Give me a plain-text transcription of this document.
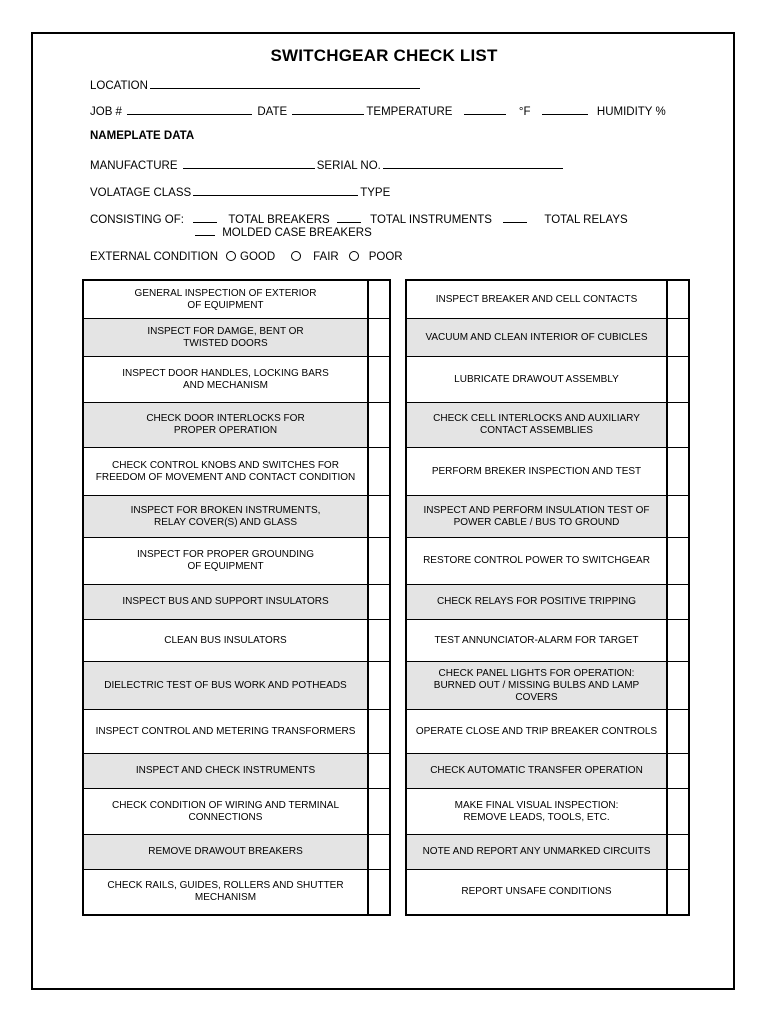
SWITCHGEAR CHECK LIST
LOCATION
JOB #	DATE	TEMPERATURE	°F	HUMIDITY %
NAMEPLATE DATA
MANUFACTURE	SERIAL NO.
VOLATAGE CLASS	TYPE
CONSISTING OF:	TOTAL BREAKERS	TOTAL INSTRUMENTS	TOTAL RELAYS
MOLDED CASE BREAKERS
EXTERNAL CONDITION GOOD	FAIR	POOR
GENERAL INSPECTION OF EXTERIOR
OF EQUIPMENT
INSPECT FOR DAMGE, BENT OR
TWISTED DOORS
INSPECT DOOR HANDLES, LOCKING BARS
AND MECHANISM
CHECK DOOR INTERLOCKS FOR
PROPER OPERATION
CHECK CONTROL KNOBS AND SWITCHES FOR
FREEDOM OF MOVEMENT AND CONTACT CONDITION
INSPECT FOR BROKEN INSTRUMENTS,
RELAY COVER(S) AND GLASS
INSPECT FOR PROPER GROUNDING
OF EQUIPMENT
INSPECT BUS AND SUPPORT INSULATORS
CLEAN BUS INSULATORS
DIELECTRIC TEST OF BUS WORK AND POTHEADS
INSPECT CONTROL AND METERING TRANSFORMERS
INSPECT AND CHECK INSTRUMENTS
CHECK CONDITION OF WIRING AND TERMINAL
CONNECTIONS
REMOVE DRAWOUT BREAKERS
CHECK RAILS, GUIDES, ROLLERS AND SHUTTER
MECHANISM
INSPECT BREAKER AND CELL CONTACTS
VACUUM AND CLEAN INTERIOR OF CUBICLES
LUBRICATE DRAWOUT ASSEMBLY
CHECK CELL INTERLOCKS AND AUXILIARY
CONTACT ASSEMBLIES
PERFORM BREKER INSPECTION AND TEST
INSPECT AND PERFORM INSULATION TEST OF
POWER CABLE / BUS TO GROUND
RESTORE CONTROL POWER TO SWITCHGEAR
CHECK RELAYS FOR POSITIVE TRIPPING
TEST ANNUNCIATOR-ALARM FOR TARGET
CHECK PANEL LIGHTS FOR OPERATION:
BURNED OUT / MISSING BULBS AND LAMP
COVERS
OPERATE CLOSE AND TRIP BREAKER CONTROLS
CHECK AUTOMATIC TRANSFER OPERATION
MAKE FINAL VISUAL INSPECTION:
REMOVE LEADS, TOOLS, ETC.
NOTE AND REPORT ANY UNMARKED CIRCUITS
REPORT UNSAFE CONDITIONS
